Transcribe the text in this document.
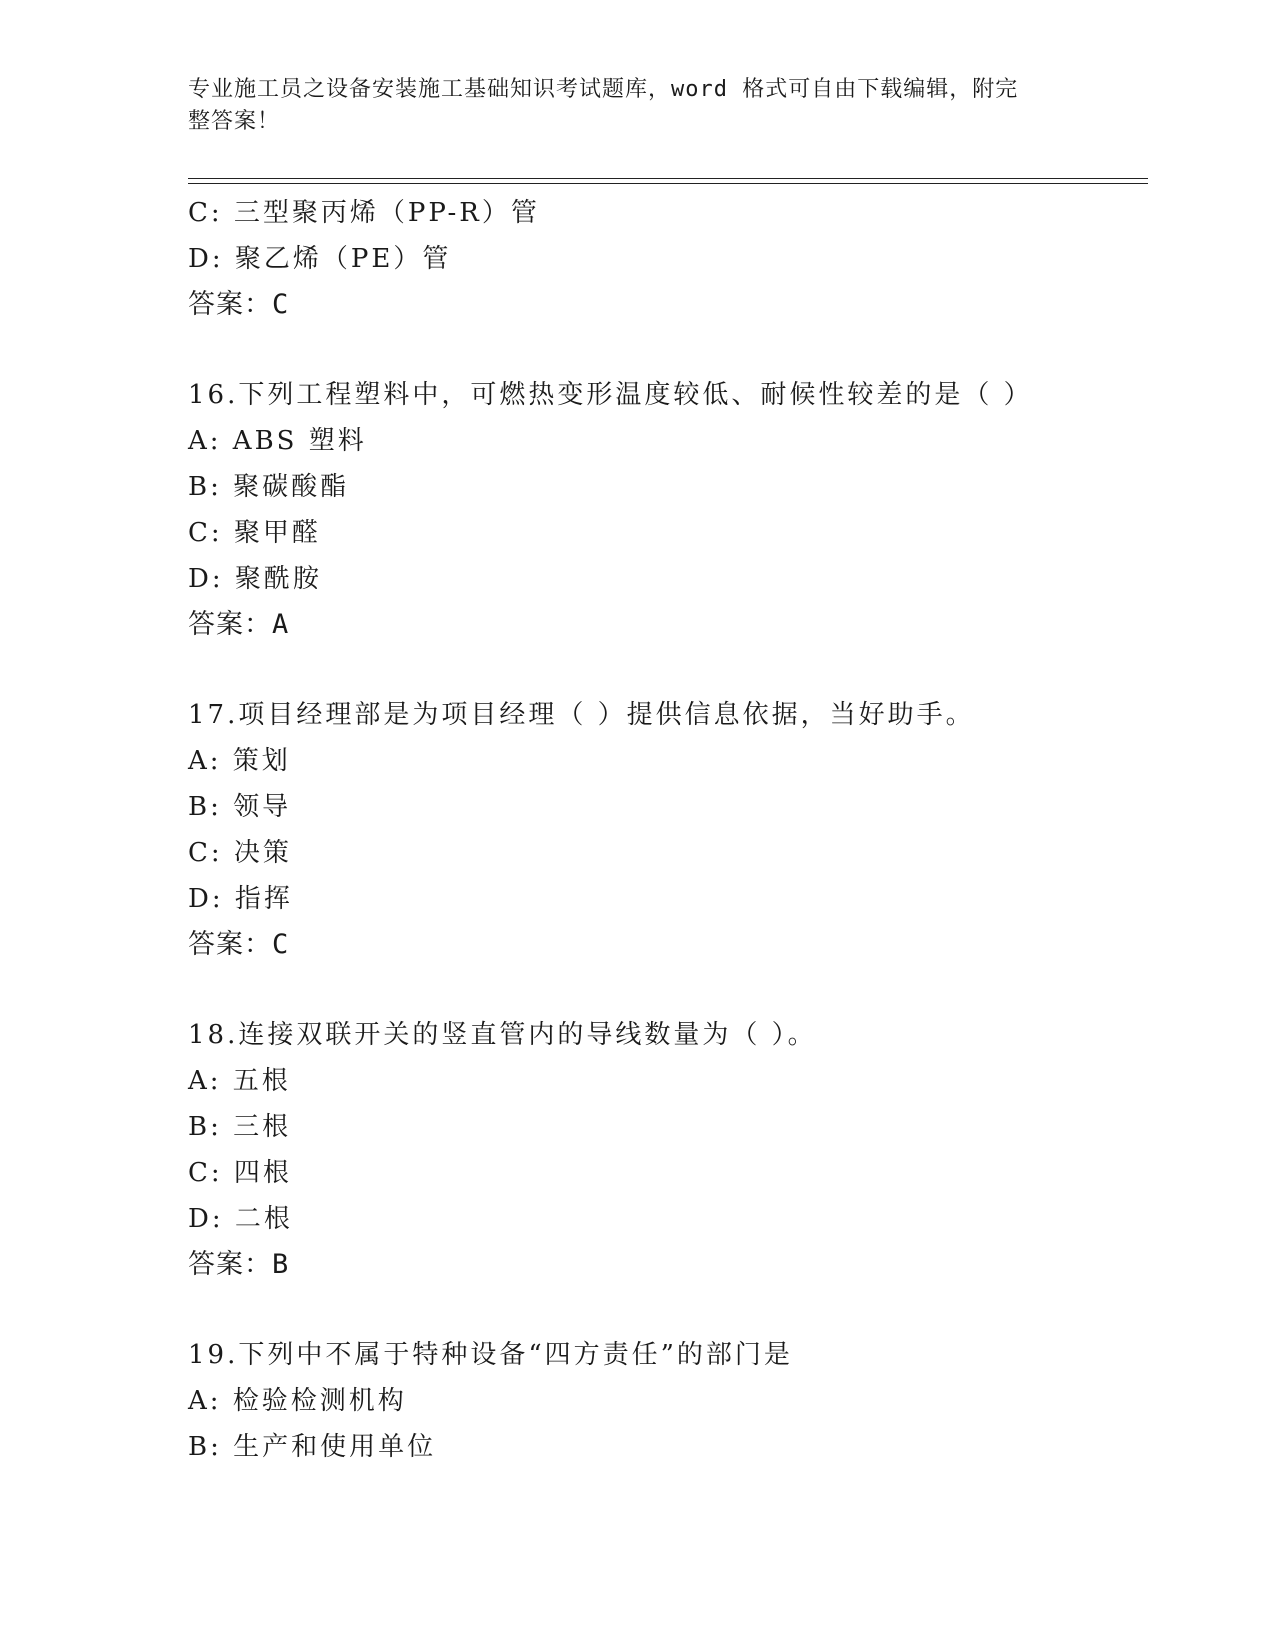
专业施工员之设备安装施工基础知识考试题库，word 格式可自由下载编辑，附完
整答案！
C: 三型聚丙烯（PP-R）管
D: 聚乙烯（PE）管
答案：C
16.下列工程塑料中，可燃热变形温度较低、耐候性较差的是（ ）
A: ABS 塑料
B: 聚碳酸酯
C: 聚甲醛
D: 聚酰胺
答案：A
17.项目经理部是为项目经理（ ）提供信息依据，当好助手。
A: 策划
B: 领导
C: 决策
D: 指挥
答案：C
18.连接双联开关的竖直管内的导线数量为（ ）。
A: 五根
B: 三根
C: 四根
D: 二根
答案：B
19.下列中不属于特种设备“四方责任”的部门是
A: 检验检测机构
B: 生产和使用单位
